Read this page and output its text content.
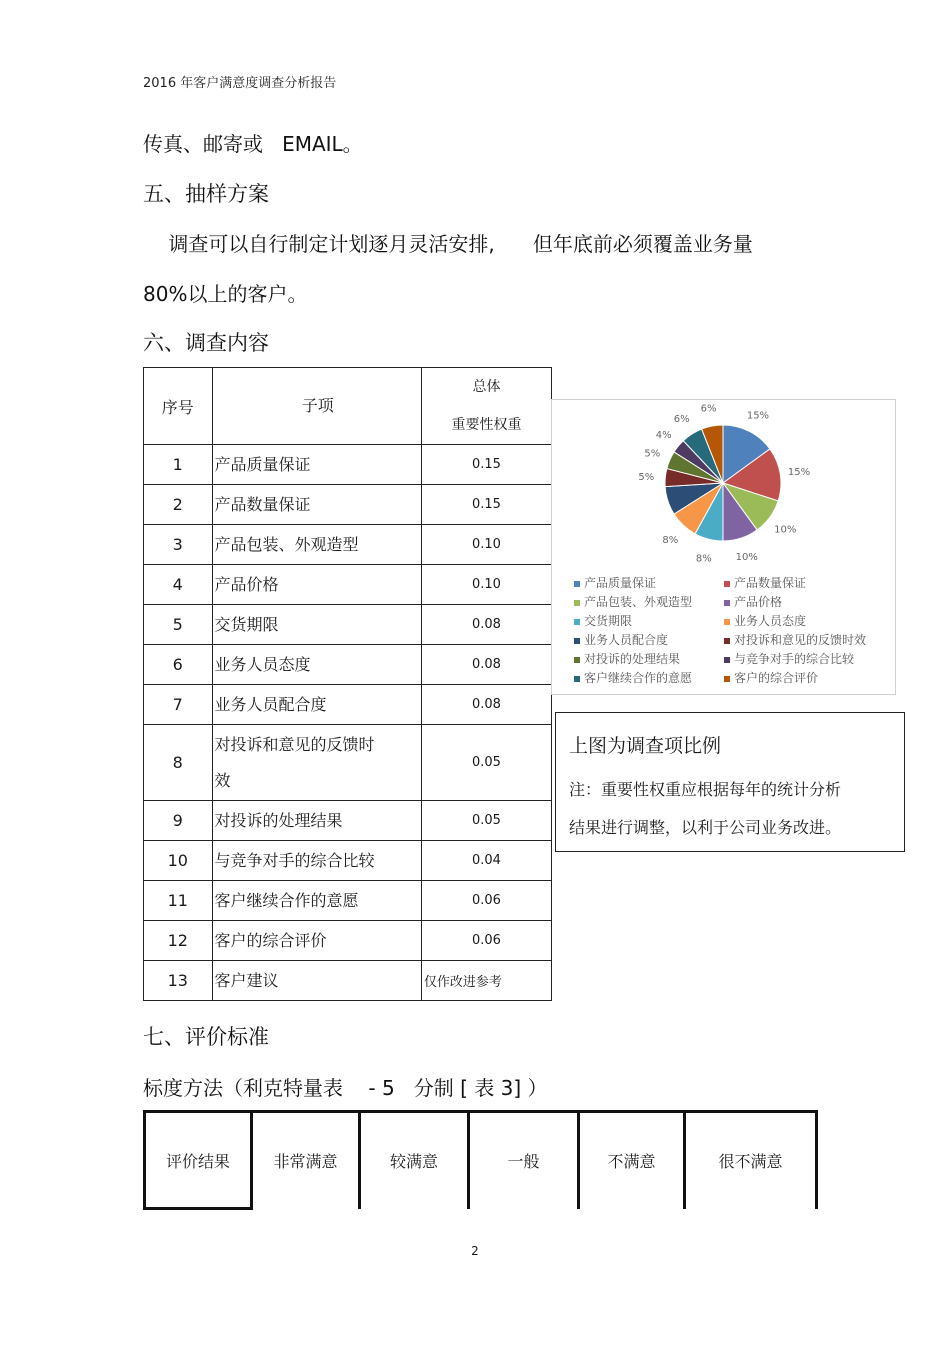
2016 年客户满意度调查分析报告
传真、邮寄或   EMAIL。
五、抽样方案
调查可以自行制定计划逐月灵活安排,      但年底前必须覆盖业务量
80%以上的客户。
六、调查内容
序号	子项	总体
重要性权重

1	产品质量保证	0.15
2	产品数量保证	0.15
3	产品包装、外观造型	0.10
4	产品价格	0.10
5	交货期限	0.08
6	业务人员态度	0.08
7	业务人员配合度	0.08
8	对投诉和意见的反馈时
效	0.05
9	对投诉的处理结果	0.05
10	与竞争对手的综合比较	0.04
11	客户继续合作的意愿	0.06
12	客户的综合评价	0.06
13	客户建议	仅作改进参考
15%
15%
10%
10%
8%
8%
5%
5%
4%
6%
6%
产品质量保证	产品数量保证
产品包装、外观造型	产品价格
交货期限	业务人员态度
业务人员配合度	对投诉和意见的反馈时效
对投诉的处理结果	与竞争对手的综合比较
客户继续合作的意愿	客户的综合评价
上图为调查项比例
注：重要性权重应根据每年的统计分析
结果进行调整，以利于公司业务改进。
七、评价标准
标度方法（利克特量表    - 5   分制 [ 表 3] ）
评价结果	非常满意	较满意	一般	不满意	很不满意
2
